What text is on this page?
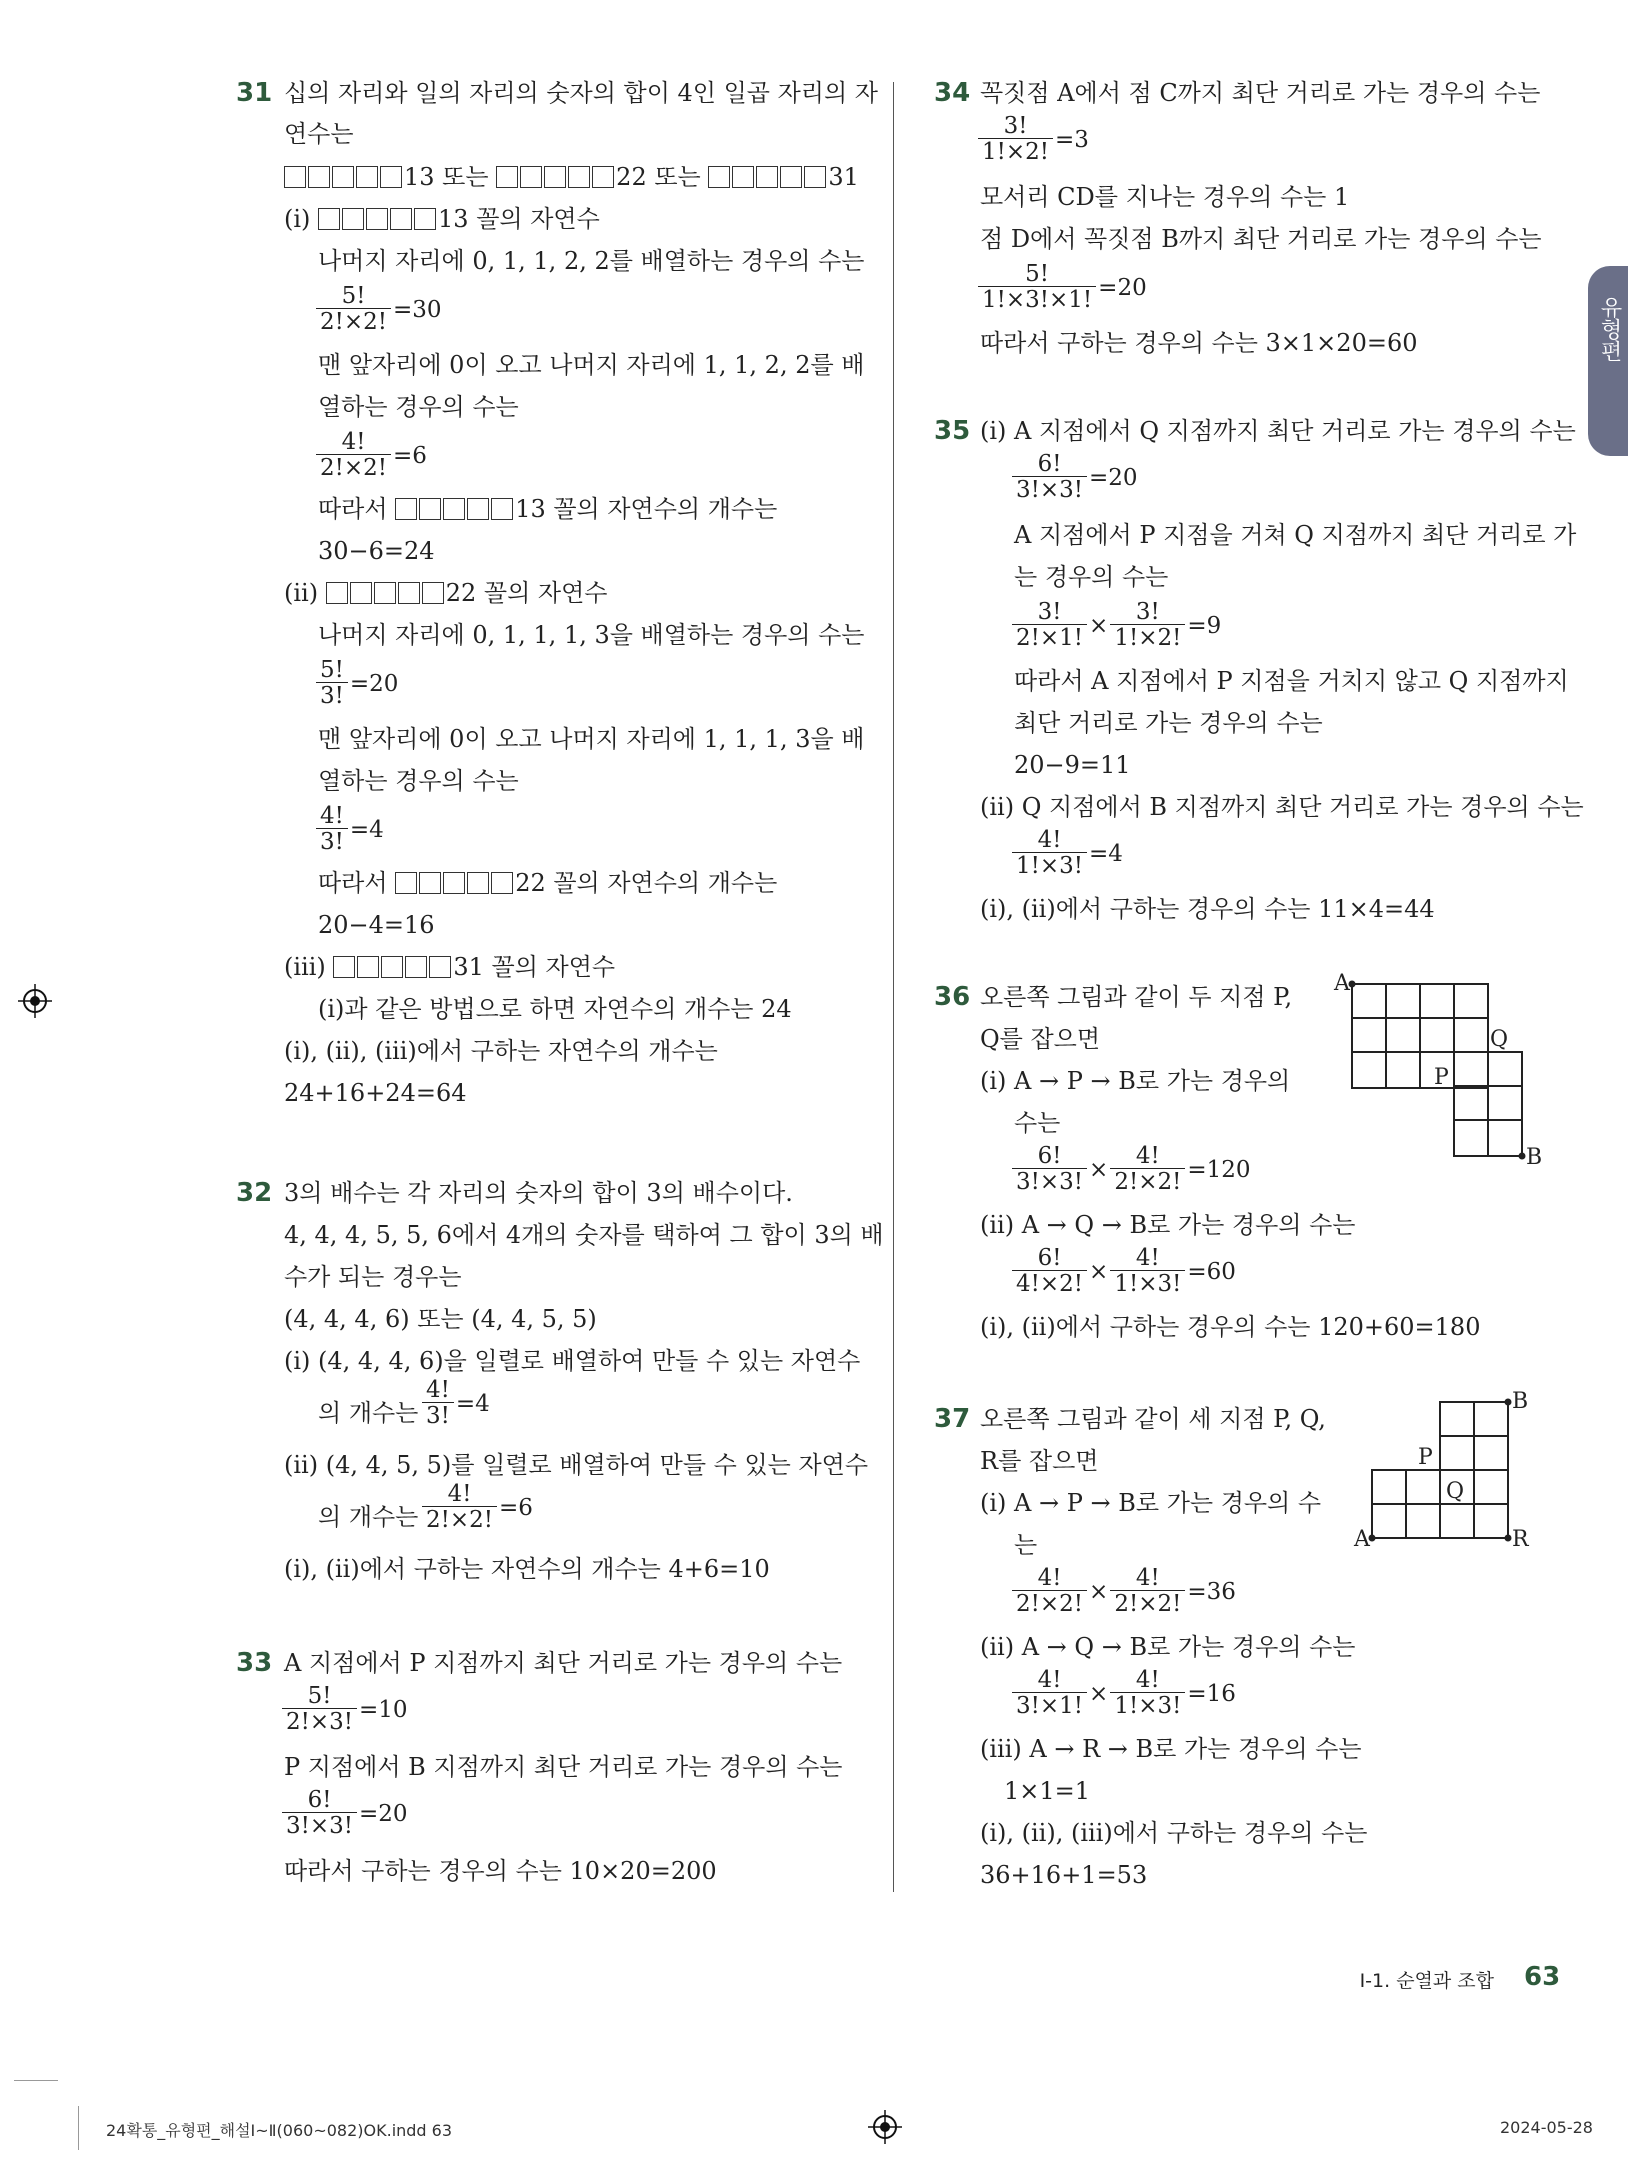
31 십의 자리와 일의 자리의 숫자의 합이 4인 일곱 자리의 자
연수는
13 또는	22 또는	31
(ⅰ)	13 꼴의 자연수
나머지 자리에 0, 1, 1, 2, 2를 배열하는 경우의 수는
$\frac{5!}{2!\times 2!} =30$
맨 앞자리에 0이 오고 나머지 자리에 1, 1, 2, 2를 배
열하는 경우의 수는
$\frac{4!}{2!\times 2!} =6$
따라서	13 꼴의 자연수의 개수는
30−6=24
(ⅱ)	22 꼴의 자연수
나머지 자리에 0, 1, 1, 1, 3을 배열하는 경우의 수는
$\frac{5!}{3!} =20$
맨 앞자리에 0이 오고 나머지 자리에 1, 1, 1, 3을 배
열하는 경우의 수는
$\frac{4!}{3!} =4$
따라서	22 꼴의 자연수의 개수는
20−4=16
(ⅲ)	31 꼴의 자연수
(ⅰ)과 같은 방법으로 하면 자연수의 개수는 24
(ⅰ), (ⅱ), (ⅲ)에서 구하는 자연수의 개수는
24+16+24=64
32 3의 배수는 각 자리의 숫자의 합이 3의 배수이다.
4, 4, 4, 5, 5, 6에서 4개의 숫자를 택하여 그 합이 3의 배
수가 되는 경우는
(4, 4, 4, 6) 또는 (4, 4, 5, 5)
(ⅰ) (4, 4, 4, 6)을 일렬로 배열하여 만들 수 있는 자연수
의 개수는 $\frac{4!}{3!} =4$
(ⅱ) (4, 4, 5, 5)를 일렬로 배열하여 만들 수 있는 자연수
의 개수는 $\frac{4!}{2!\times 2!} =6$
(ⅰ), (ⅱ)에서 구하는 자연수의 개수는 4+6=10
33 A 지점에서 P 지점까지 최단 거리로 가는 경우의 수는
$\frac{5!}{2!\times 3!} =10$
P 지점에서 B 지점까지 최단 거리로 가는 경우의 수는
$\frac{6!}{3!\times 3!} =20$
따라서 구하는 경우의 수는 10×20=200
34 꼭짓점 A에서 점 C까지 최단 거리로 가는 경우의 수는
$\frac{3!}{1!\times 2!} =3$
모서리 CD를 지나는 경우의 수는 1
점 D에서 꼭짓점 B까지 최단 거리로 가는 경우의 수는
$\frac{5!}{1!\times 3!\times 1!} =20$
따라서 구하는 경우의 수는 3×1×20=60
35 (ⅰ) A 지점에서 Q 지점까지 최단 거리로 가는 경우의 수는
$\frac{6!}{3!\times 3!} =20$
A 지점에서 P 지점을 거쳐 Q 지점까지 최단 거리로 가
는 경우의 수는
$\frac{3!}{2!\times 1!} \times \frac{3!}{1!\times 2!} =9$
따라서 A 지점에서 P 지점을 거치지 않고 Q 지점까지
최단 거리로 가는 경우의 수는
20−9=11
(ⅱ) Q 지점에서 B 지점까지 최단 거리로 가는 경우의 수는
$\frac{4!}{1!\times 3!} =4$
(ⅰ), (ⅱ)에서 구하는 경우의 수는 11×4=44
36 오른쪽 그림과 같이 두 지점 P,
Q를 잡으면
(ⅰ) A → P → B로 가는 경우의
수는
$\frac{6!}{3!\times 3!} \times \frac{4!}{2!\times 2!} =120$
(ⅱ) A → Q → B로 가는 경우의 수는
$\frac{6!}{4!\times 2!} \times \frac{4!}{1!\times 3!} =60$
(ⅰ), (ⅱ)에서 구하는 경우의 수는 120+60=180
A
B
P
Q
37 오른쪽 그림과 같이 세 지점 P, Q,
R를 잡으면
(ⅰ) A → P → B로 가는 경우의 수
는
$\frac{4!}{2!\times 2!} \times \frac{4!}{2!\times 2!} =36$
(ⅱ) A → Q → B로 가는 경우의 수는
$\frac{4!}{3!\times 1!} \times \frac{4!}{1!\times 3!} =16$
(ⅲ) A → R → B로 가는 경우의 수는
1×1=1
(ⅰ), (ⅱ), (ⅲ)에서 구하는 경우의 수는
36+16+1=53
A
B
P
Q
R
유형편
Ⅰ-1. 순열과 조합 63
24확통_유형편_해설Ⅰ~Ⅱ(060~082)OK.indd 63	2024-05-28
